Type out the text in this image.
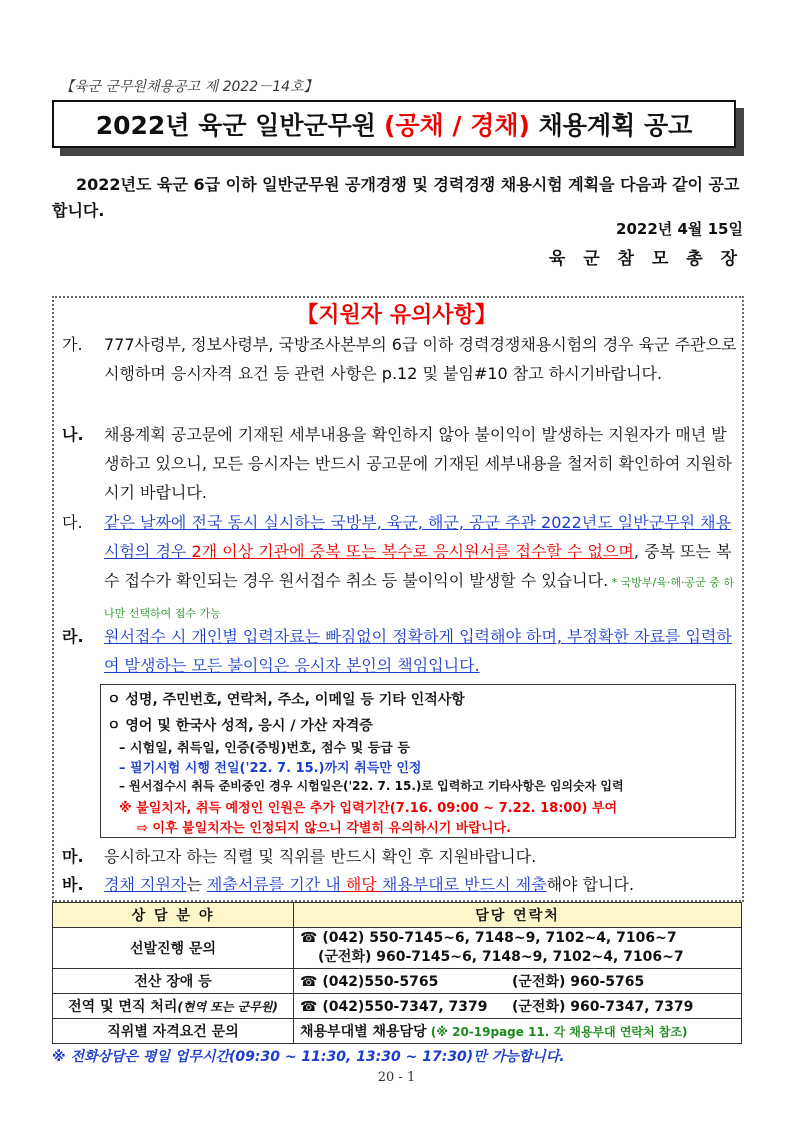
【육군 군무원채용공고 제 2022－14호】
2022년 육군 일반군무원 (공채 / 경채) 채용계획 공고

2022년도 육군 6급 이하 일반군무원 공개경쟁 및 경력경쟁 채용시험 계획을 다음과 같이 공고합니다.

2022년 4월 15일
육 군 참 모 총 장
【지원자 유의사항】
가.	777사령부, 정보사령부, 국방조사본부의 6급 이하 경력경쟁채용시험의 경우 육군 주관으로 시행하며 응시자격 요건 등 관련 사항은 p.12 및 붙임#10 참고 하시기바랍니다.
나.	채용계획 공고문에 기재된 세부내용을 확인하지 않아 불이익이 발생하는 지원자가 매년 발생하고 있으니, 모든 응시자는 반드시 공고문에 기재된 세부내용을 철저히 확인하여 지원하시기 바랍니다.
다.	같은 날짜에 전국 동시 실시하는 국방부, 육군, 해군, 공군 주관 2022년도 일반군무원 채용시험의 경우 2개 이상 기관에 중복 또는 복수로 응시원서를 접수할 수 없으며, 중복 또는 복수 접수가 확인되는 경우 원서접수 취소 등 불이익이 발생할 수 있습니다. * 국방부/육·해·공군 중 하나만 선택하여 접수 가능
라.	원서접수 시 개인별 입력자료는 빠짐없이 정확하게 입력해야 하며, 부정확한 자료를 입력하여 발생하는 모든 불이익은 응시자 본인의 책임입니다.
ㅇ 성명, 주민번호, 연락처, 주소, 이메일 등 기타 인적사항
ㅇ 영어 및 한국사 성적, 응시 / 가산 자격증
– 시험일, 취득일, 인증(증빙)번호, 점수 및 등급 등
– 필기시험 시행 전일('22. 7. 15.)까지 취득만 인정
– 원서접수시 취득 준비중인 경우 시험일은('22. 7. 15.)로 입력하고 기타사항은 임의숫자 입력
※ 불일치자, 취득 예정인 인원은 추가 입력기간(7.16. 09:00 ~ 7.22. 18:00) 부여
⇨ 이후 불일치자는 인정되지 않으니 각별히 유의하시기 바랍니다.
마.	응시하고자 하는 직렬 및 직위를 반드시 확인 후 지원바랍니다.
바.	경채 지원자는 제출서류를 기간 내 해당 채용부대로 반드시 제출해야 합니다.
상 담 분 야	담당 연락처
선발진행 문의	☎ (042) 550-7145~6, 7148~9, 7102~4, 7106~7
(군전화) 960-7145~6, 7148~9, 7102~4, 7106~7

전산 장애 등	☎ (042)550-5765 (군전화) 960-5765
전역 및 면직 처리(현역 또는 군무원)	☎ (042)550-7347, 7379 (군전화) 960-7347, 7379
직위별 자격요건 문의	채용부대별 채용담당 (※ 20-19page 11. 각 채용부대 연락처 참조)
※ 전화상담은 평일 업무시간(09:30 ~ 11:30, 13:30 ~ 17:30)만 가능합니다.
20 - 1
